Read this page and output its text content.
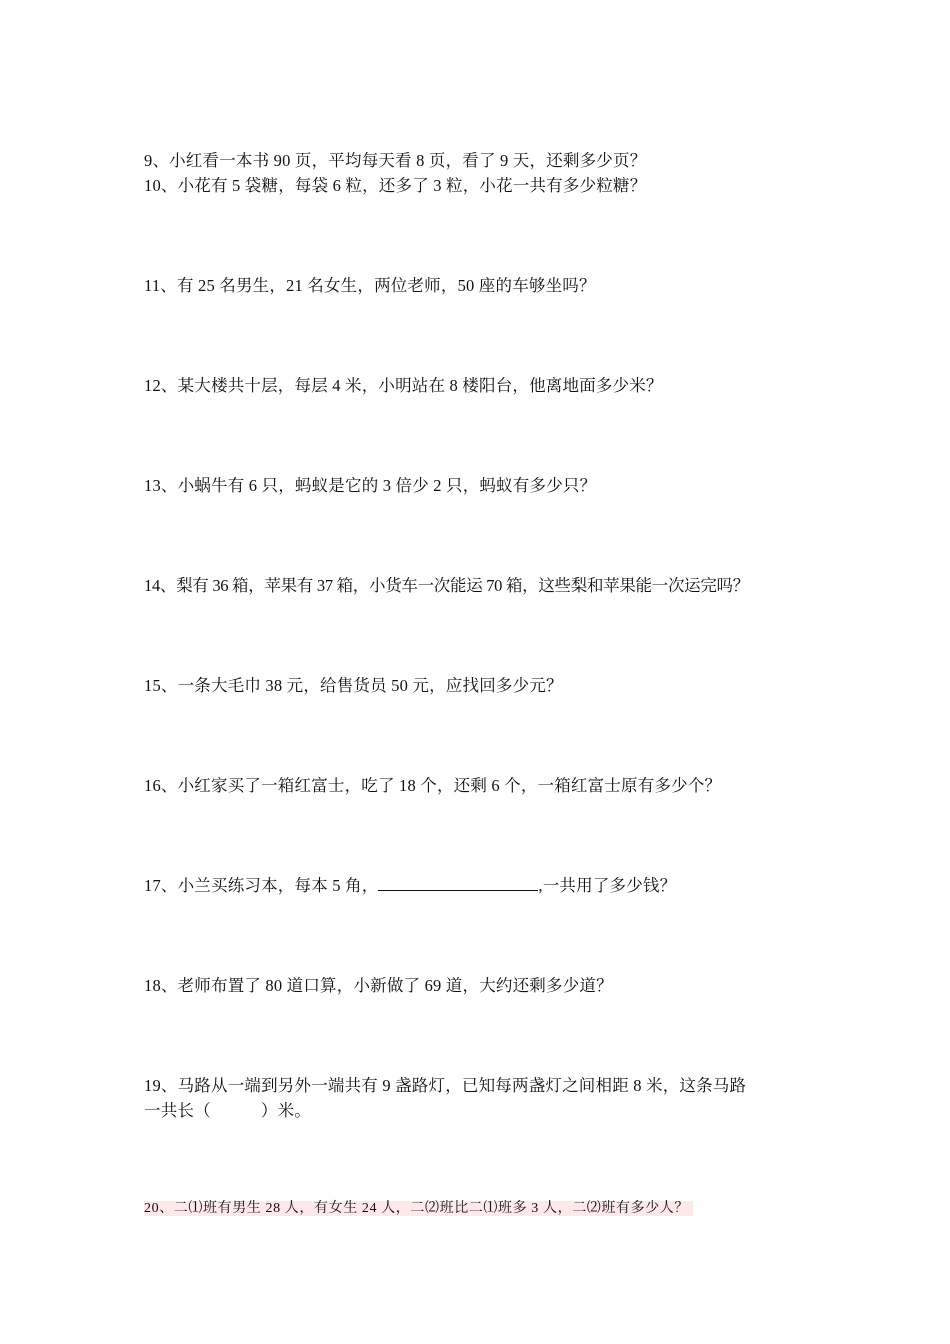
9、小红看一本书 90 页，平均每天看 8 页，看了 9 天，还剩多少页？
10、小花有 5 袋糖，每袋 6 粒，还多了 3 粒，小花一共有多少粒糖？
11、有 25 名男生，21 名女生，两位老师，50 座的车够坐吗？
12、某大楼共十层，每层 4 米，小明站在 8 楼阳台，他离地面多少米？
13、小蜗牛有 6 只，蚂蚁是它的 3 倍少 2 只，蚂蚁有多少只？
14、梨有 36 箱，苹果有 37 箱，小货车一次能运 70 箱，这些梨和苹果能一次运完吗？
15、一条大毛巾 38 元，给售货员 50 元，应找回多少元？
16、小红家买了一箱红富士，吃了 18 个，还剩 6 个，一箱红富士原有多少个？
17、小兰买练习本，每本 5 角，	,一共用了多少钱？
18、老师布置了 80 道口算，小新做了 69 道，大约还剩多少道？
19、马路从一端到另外一端共有 9 盏路灯，已知每两盏灯之间相距 8 米，这条马路
一共长（　　　）米。
20、二⑴班有男生 28 人，有女生 24 人，二⑵班比二⑴班多 3 人，二⑵班有多少人？
